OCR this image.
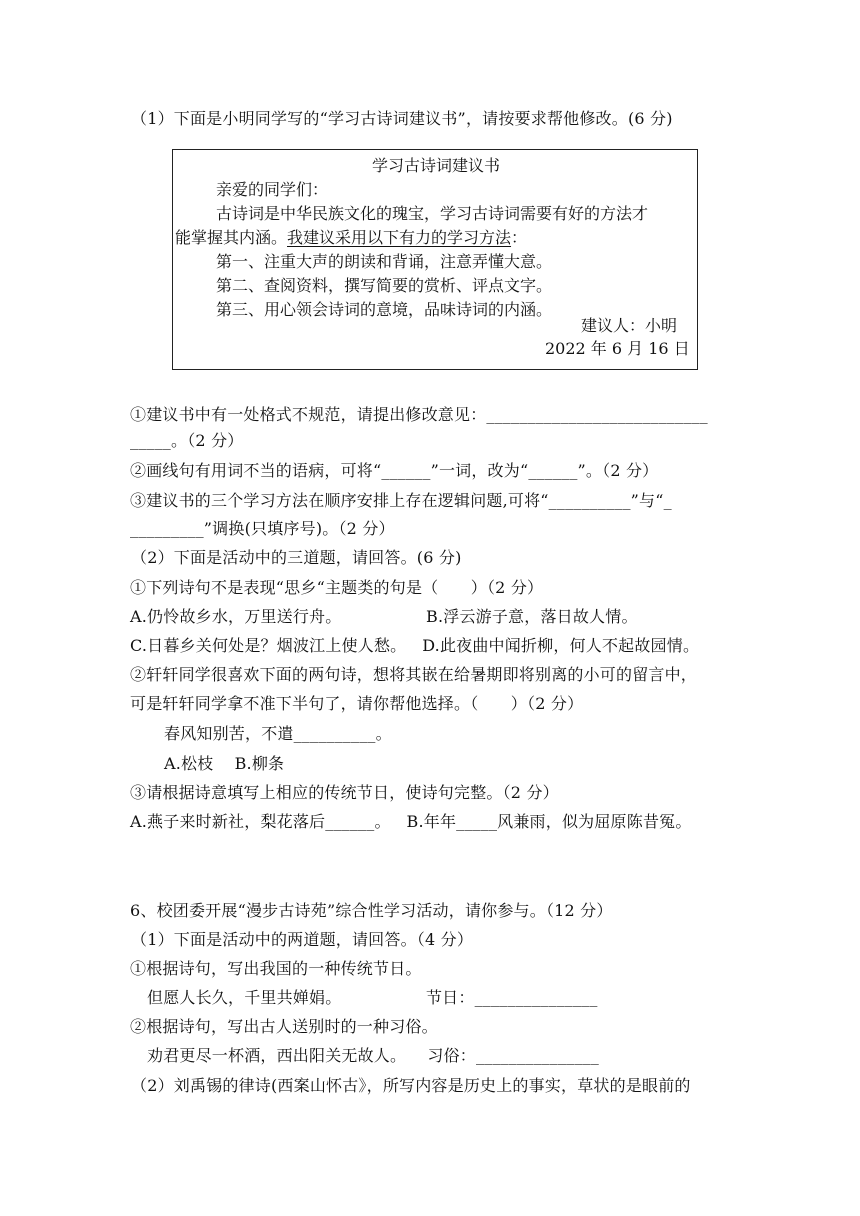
（1）下面是小明同学写的“学习古诗词建议书”，请按要求帮他修改。(6 分)
学习古诗词建议书
亲爱的同学们：
古诗词是中华民族文化的瑰宝，学习古诗词需要有好的方法才
能掌握其内涵。我建议采用以下有力的学习方法：
第一、注重大声的朗读和背诵，注意弄懂大意。
第二、查阅资料，撰写简要的赏析、评点文字。
第三、用心领会诗词的意境，品味诗词的内涵。
建议人：小明
2022 年 6 月 16 日
①建议书中有一处格式不规范，请提出修改意见：___________________________
_____。（2 分）
②画线句有用词不当的语病，可将“______”一词，改为“______”。（2 分）
③建议书的三个学习方法在顺序安排上存在逻辑问题,可将“__________”与“_
_________”调换(只填序号)。（2 分）
（2）下面是活动中的三道题，请回答。(6 分)
①下列诗句不是表现“思乡“主题类的句是（　　）（2 分）
A.仍怜故乡水，万里送行舟。                B.浮云游子意，落日故人情。
C.日暮乡关何处是？烟波江上使人愁。   D.此夜曲中闻折柳，何人不起故园情。
②轩轩同学很喜欢下面的两句诗，想将其嵌在给暑期即将别离的小可的留言中，
可是轩轩同学拿不准下半句了，请你帮他选择。（　　）（2 分）
春风知别苦，不遣__________。
A.松枝    B.柳条
③请根据诗意填写上相应的传统节日，使诗句完整。（2 分）
A.燕子来时新社，梨花落后______。   B.年年_____风兼雨，似为屈原陈昔冤。
6、校团委开展“漫步古诗苑”综合性学习活动，请你参与。（12 分）
（1）下面是活动中的两道题，请回答。（4 分）
①根据诗句，写出我国的一种传统节日。
但愿人长久，千里共婵娟。                节日：_______________
②根据诗句，写出古人送别时的一种习俗。
劝君更尽一杯酒，西出阳关无故人。    习俗：_______________
（2）刘禹锡的律诗(西案山怀古》，所写内容是历史上的事实，草状的是眼前的
